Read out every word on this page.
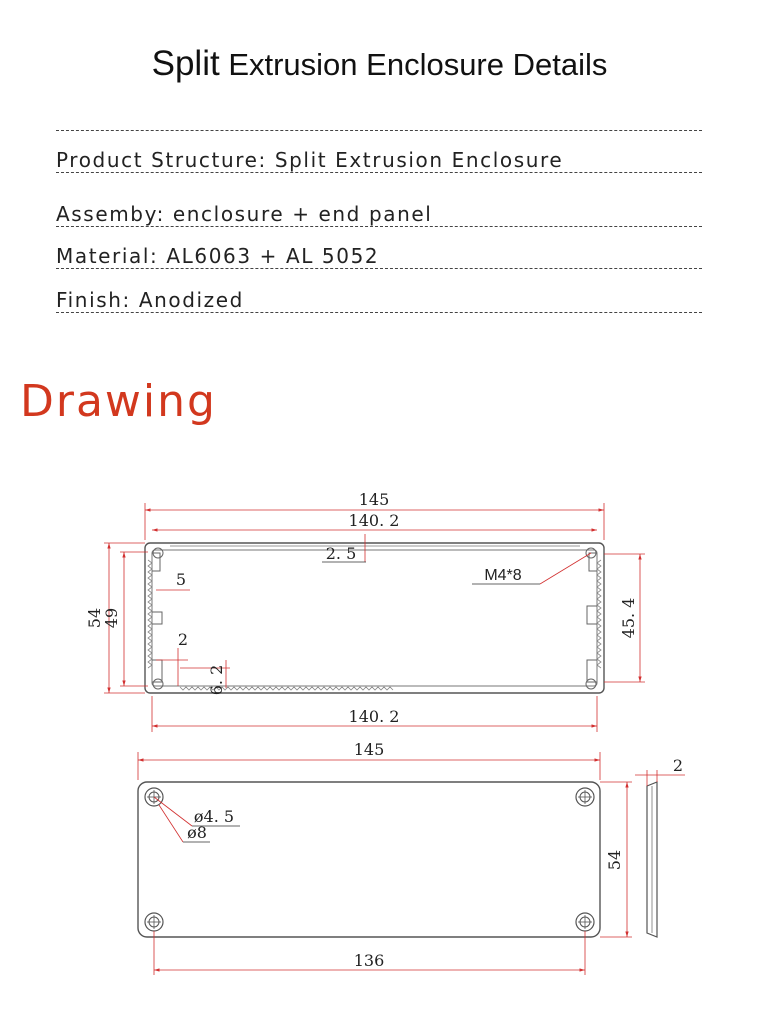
Split Extrusion Enclosure Details
Product Structure: Split Extrusion Enclosure
Assemby: enclosure + end panel
Material: AL6063 + AL 5052
Finish: Anodized
Drawing
145
140. 2
2. 5
M4*8
54
49
5
2
6. 2
45. 4
140. 2
145
ø4. 5
ø8
54
2
136
